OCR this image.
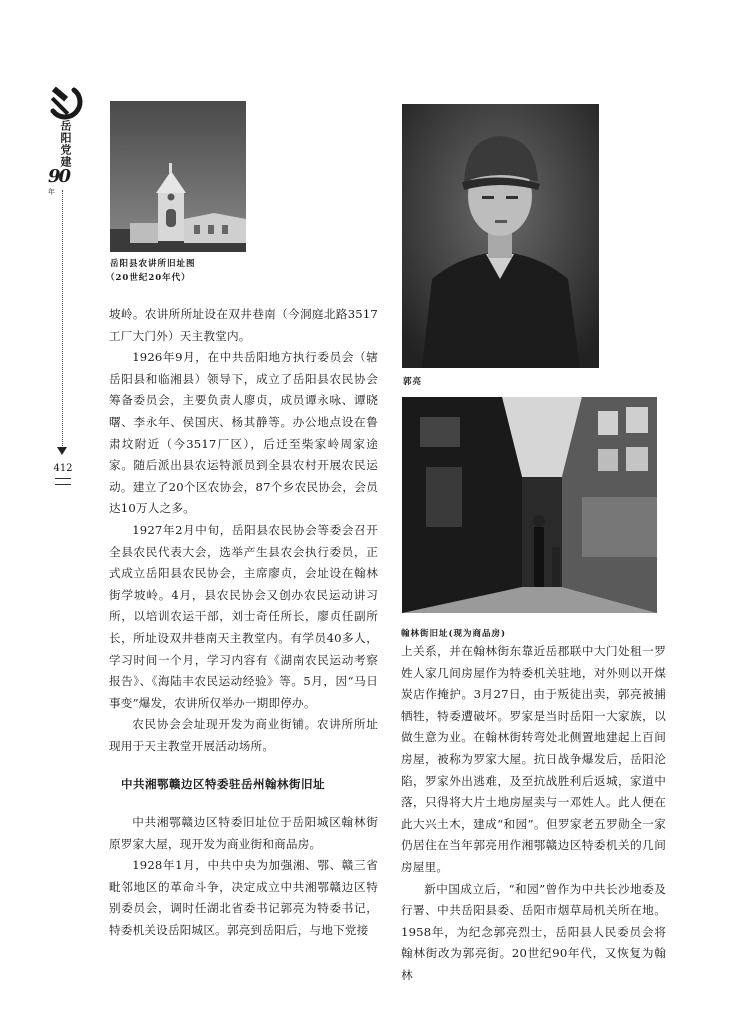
岳阳党建
90 $^年$
412
岳阳县农讲所旧址图
（20世纪20年代）
郭亮
翰林街旧址(现为商品房)

坡岭。农讲所所址设在双井巷南（今洞庭北路3517工厂大门外）天主教堂内。

1926年9月，在中共岳阳地方执行委员会（辖岳阳县和临湘县）领导下，成立了岳阳县农民协会筹备委员会，主要负责人廖贞，成员谭永咏、谭晓曙、李永年、侯国庆、杨其静等。办公地点设在鲁肃坟附近（今3517厂区），后迁至柴家岭周家途家。随后派出县农运特派员到全县农村开展农民运动。建立了20个区农协会，87个乡农民协会，会员达10万人之多。

1927年2月中旬，岳阳县农民协会等委会召开全县农民代表大会，选举产生县农会执行委员，正式成立岳阳县农民协会，主席廖贞，会址设在翰林街学坡岭。4月，县农民协会又创办农民运动讲习所，以培训农运干部，刘士奇任所长，廖贞任副所长，所址设双井巷南天主教堂内。有学员40多人，学习时间一个月，学习内容有《湖南农民运动考察报告》、《海陆丰农民运动经验》等。5月，因“马日事变”爆发，农讲所仅举办一期即停办。

农民协会会址现开发为商业街铺。农讲所所址现用于天主教堂开展活动场所。

中共湘鄂赣边区特委驻岳州翰林街旧址

中共湘鄂赣边区特委旧址位于岳阳城区翰林街原罗家大屋，现开发为商业街和商品房。

1928年1月，中共中央为加强湘、鄂、赣三省毗邻地区的革命斗争，决定成立中共湘鄂赣边区特别委员会，调时任湖北省委书记郭亮为特委书记，特委机关设岳阳城区。郭亮到岳阳后，与地下党接

上关系，并在翰林街东靠近岳郡联中大门处租一罗姓人家几间房屋作为特委机关驻地，对外则以开煤炭店作掩护。3月27日，由于叛徒出卖，郭亮被捕牺牲，特委遭破坏。罗家是当时岳阳一大家族，以做生意为业。在翰林街转弯处北侧置地建起上百间房屋，被称为罗家大屋。抗日战争爆发后，岳阳沦陷，罗家外出逃难，及至抗战胜利后返城，家道中落，只得将大片土地房屋卖与一邓姓人。此人便在此大兴土木，建成“和园”。但罗家老五罗勋全一家仍居住在当年郭亮用作湘鄂赣边区特委机关的几间房屋里。

新中国成立后，“和园”曾作为中共长沙地委及行署、中共岳阳县委、岳阳市烟草局机关所在地。1958年，为纪念郭亮烈士，岳阳县人民委员会将翰林街改为郭亮街。20世纪90年代，又恢复为翰林
